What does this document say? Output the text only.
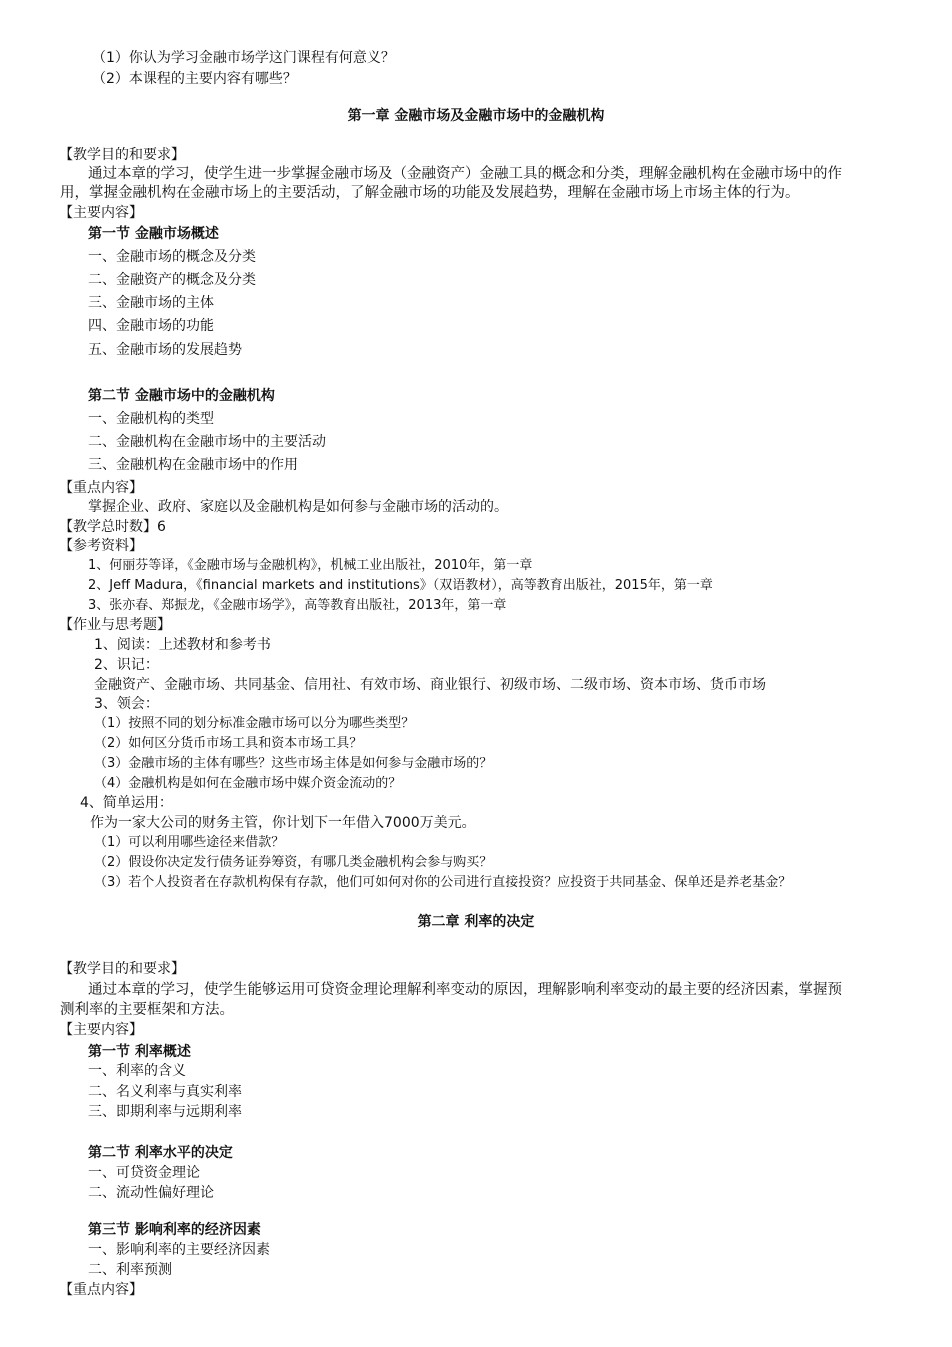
（1）你认为学习金融市场学这门课程有何意义？
（2）本课程的主要内容有哪些？
第一章 金融市场及金融市场中的金融机构
【教学目的和要求】
通过本章的学习，使学生进一步掌握金融市场及（金融资产）金融工具的概念和分类，理解金融机构在金融市场中的作
用，掌握金融机构在金融市场上的主要活动，了解金融市场的功能及发展趋势，理解在金融市场上市场主体的行为。
【主要内容】
第一节 金融市场概述
一、金融市场的概念及分类
二、金融资产的概念及分类
三、金融市场的主体
四、金融市场的功能
五、金融市场的发展趋势
第二节 金融市场中的金融机构
一、金融机构的类型
二、金融机构在金融市场中的主要活动
三、金融机构在金融市场中的作用
【重点内容】
掌握企业、政府、家庭以及金融机构是如何参与金融市场的活动的。
【教学总时数】6
【参考资料】
1、何丽芬等译，《金融市场与金融机构》，机械工业出版社，2010年，第一章
2、Jeff Madura，《financial markets and institutions》（双语教材），高等教育出版社，2015年，第一章
3、张亦春、郑振龙，《金融市场学》，高等教育出版社，2013年，第一章
【作业与思考题】
1、阅读：上述教材和参考书
2、识记：
金融资产、金融市场、共同基金、信用社、有效市场、商业银行、初级市场、二级市场、资本市场、货币市场
3、领会：
（1）按照不同的划分标准金融市场可以分为哪些类型？
（2）如何区分货币市场工具和资本市场工具？
（3）金融市场的主体有哪些？这些市场主体是如何参与金融市场的？
（4）金融机构是如何在金融市场中媒介资金流动的？
4、简单运用：
作为一家大公司的财务主管，你计划下一年借入7000万美元。
（1）可以利用哪些途径来借款？
（2）假设你决定发行债务证券筹资，有哪几类金融机构会参与购买？
（3）若个人投资者在存款机构保有存款，他们可如何对你的公司进行直接投资？应投资于共同基金、保单还是养老基金？
第二章 利率的决定
【教学目的和要求】
通过本章的学习，使学生能够运用可贷资金理论理解利率变动的原因，理解影响利率变动的最主要的经济因素，掌握预
测利率的主要框架和方法。
【主要内容】
第一节 利率概述
一、利率的含义
二、名义利率与真实利率
三、即期利率与远期利率
第二节 利率水平的决定
一、可贷资金理论
二、流动性偏好理论
第三节 影响利率的经济因素
一、影响利率的主要经济因素
二、利率预测
【重点内容】
